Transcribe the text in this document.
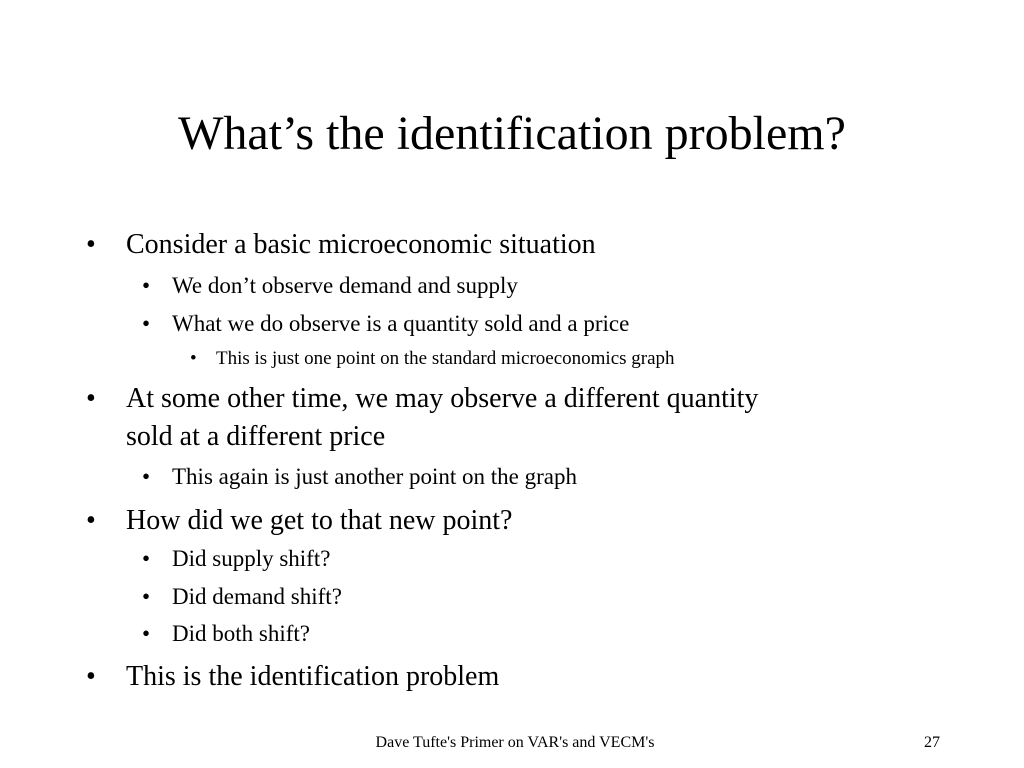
What’s the identification problem?
• Consider a basic microeconomic situation
• We don’t observe demand and supply
• What we do observe is a quantity sold and a price
• This is just one point on the standard microeconomics graph
• At some other time, we may observe a different quantity
sold at a different price
• This again is just another point on the graph
• How did we get to that new point?
• Did supply shift?
• Did demand shift?
• Did both shift?
• This is the identification problem
Dave Tufte's Primer on VAR's and VECM's	27
